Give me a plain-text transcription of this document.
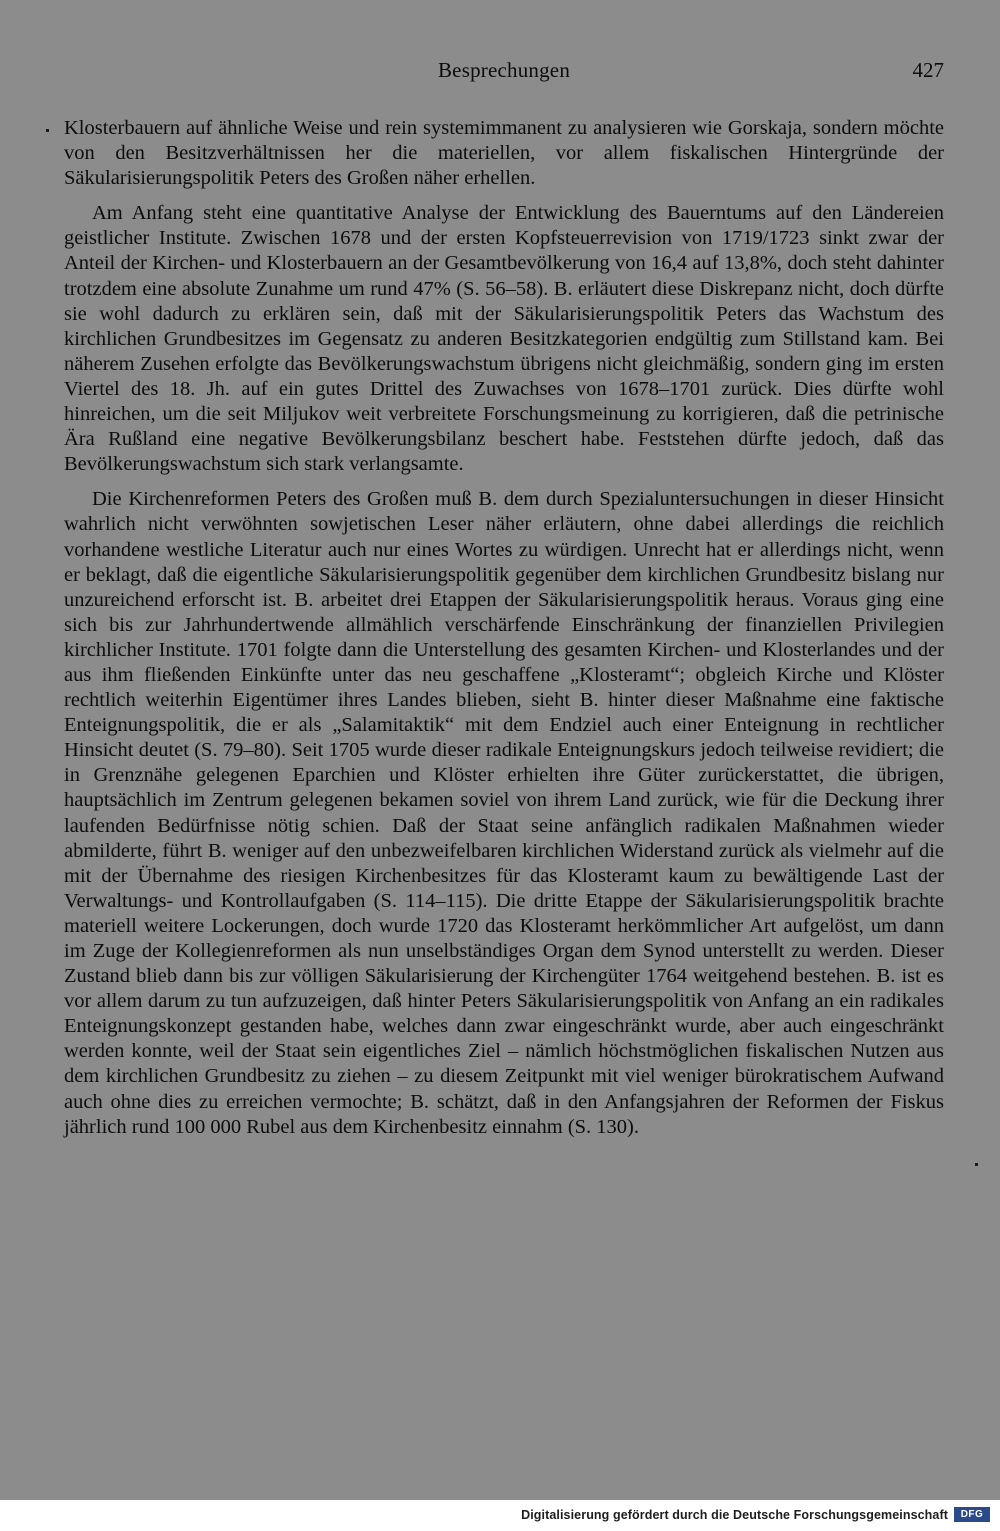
Besprechungen	427

Klosterbauern auf ähnliche Weise und rein systemimmanent zu analysieren wie Gorskaja, sondern möchte von den Besitzverhältnissen her die materiellen, vor allem fiskalischen Hintergründe der Säkularisierungspolitik Peters des Großen näher erhellen.

Am Anfang steht eine quantitative Analyse der Entwicklung des Bauerntums auf den Ländereien geistlicher Institute. Zwischen 1678 und der ersten Kopfsteuerrevision von 1719/1723 sinkt zwar der Anteil der Kirchen- und Klosterbauern an der Gesamtbevölkerung von 16,4 auf 13,8%, doch steht dahinter trotzdem eine absolute Zunahme um rund 47% (S. 56–58). B. erläutert diese Diskrepanz nicht, doch dürfte sie wohl dadurch zu erklären sein, daß mit der Säkularisierungspolitik Peters das Wachstum des kirchlichen Grundbesitzes im Gegensatz zu anderen Besitzkategorien endgültig zum Stillstand kam. Bei näherem Zusehen erfolgte das Bevölkerungswachstum übrigens nicht gleichmäßig, sondern ging im ersten Viertel des 18. Jh. auf ein gutes Drittel des Zuwachses von 1678–1701 zurück. Dies dürfte wohl hinreichen, um die seit Miljukov weit verbreitete Forschungsmeinung zu korrigieren, daß die petrinische Ära Rußland eine negative Bevölkerungsbilanz beschert habe. Feststehen dürfte jedoch, daß das Bevölkerungswachstum sich stark verlangsamte.

Die Kirchenreformen Peters des Großen muß B. dem durch Spezialuntersuchungen in dieser Hinsicht wahrlich nicht verwöhnten sowjetischen Leser näher erläutern, ohne dabei allerdings die reichlich vorhandene westliche Literatur auch nur eines Wortes zu würdigen. Unrecht hat er allerdings nicht, wenn er beklagt, daß die eigentliche Säkularisierungspolitik gegenüber dem kirchlichen Grundbesitz bislang nur unzureichend erforscht ist. B. arbeitet drei Etappen der Säkularisierungspolitik heraus. Voraus ging eine sich bis zur Jahrhundertwende allmählich verschärfende Einschränkung der finanziellen Privilegien kirchlicher Institute. 1701 folgte dann die Unterstellung des gesamten Kirchen- und Klosterlandes und der aus ihm fließenden Einkünfte unter das neu geschaffene „Klosteramt“; obgleich Kirche und Klöster rechtlich weiterhin Eigentümer ihres Landes blieben, sieht B. hinter dieser Maßnahme eine faktische Enteignungspolitik, die er als „Salamitaktik“ mit dem Endziel auch einer Enteignung in rechtlicher Hinsicht deutet (S. 79–80). Seit 1705 wurde dieser radikale Enteignungskurs jedoch teilweise revidiert; die in Grenznähe gelegenen Eparchien und Klöster erhielten ihre Güter zurückerstattet, die übrigen, hauptsächlich im Zentrum gelegenen bekamen soviel von ihrem Land zurück, wie für die Deckung ihrer laufenden Bedürfnisse nötig schien. Daß der Staat seine anfänglich radikalen Maßnahmen wieder abmilderte, führt B. weniger auf den unbezweifelbaren kirchlichen Widerstand zurück als vielmehr auf die mit der Übernahme des riesigen Kirchenbesitzes für das Klosteramt kaum zu bewältigende Last der Verwaltungs- und Kontrollaufgaben (S. 114–115). Die dritte Etappe der Säkularisierungspolitik brachte materiell weitere Lockerungen, doch wurde 1720 das Klosteramt herkömmlicher Art aufgelöst, um dann im Zuge der Kollegienreformen als nun unselbständiges Organ dem Synod unterstellt zu werden. Dieser Zustand blieb dann bis zur völligen Säkularisierung der Kirchengüter 1764 weitgehend bestehen. B. ist es vor allem darum zu tun aufzuzeigen, daß hinter Peters Säkularisierungspolitik von Anfang an ein radikales Enteignungskonzept gestanden habe, welches dann zwar eingeschränkt wurde, aber auch eingeschränkt werden konnte, weil der Staat sein eigentliches Ziel – nämlich höchstmöglichen fiskalischen Nutzen aus dem kirchlichen Grundbesitz zu ziehen – zu diesem Zeitpunkt mit viel weniger bürokratischem Aufwand auch ohne dies zu erreichen vermochte; B. schätzt, daß in den Anfangsjahren der Reformen der Fiskus jährlich rund 100 000 Rubel aus dem Kirchenbesitz einnahm (S. 130).

Digitalisierung gefördert durch die Deutsche Forschungsgemeinschaft	DFG
